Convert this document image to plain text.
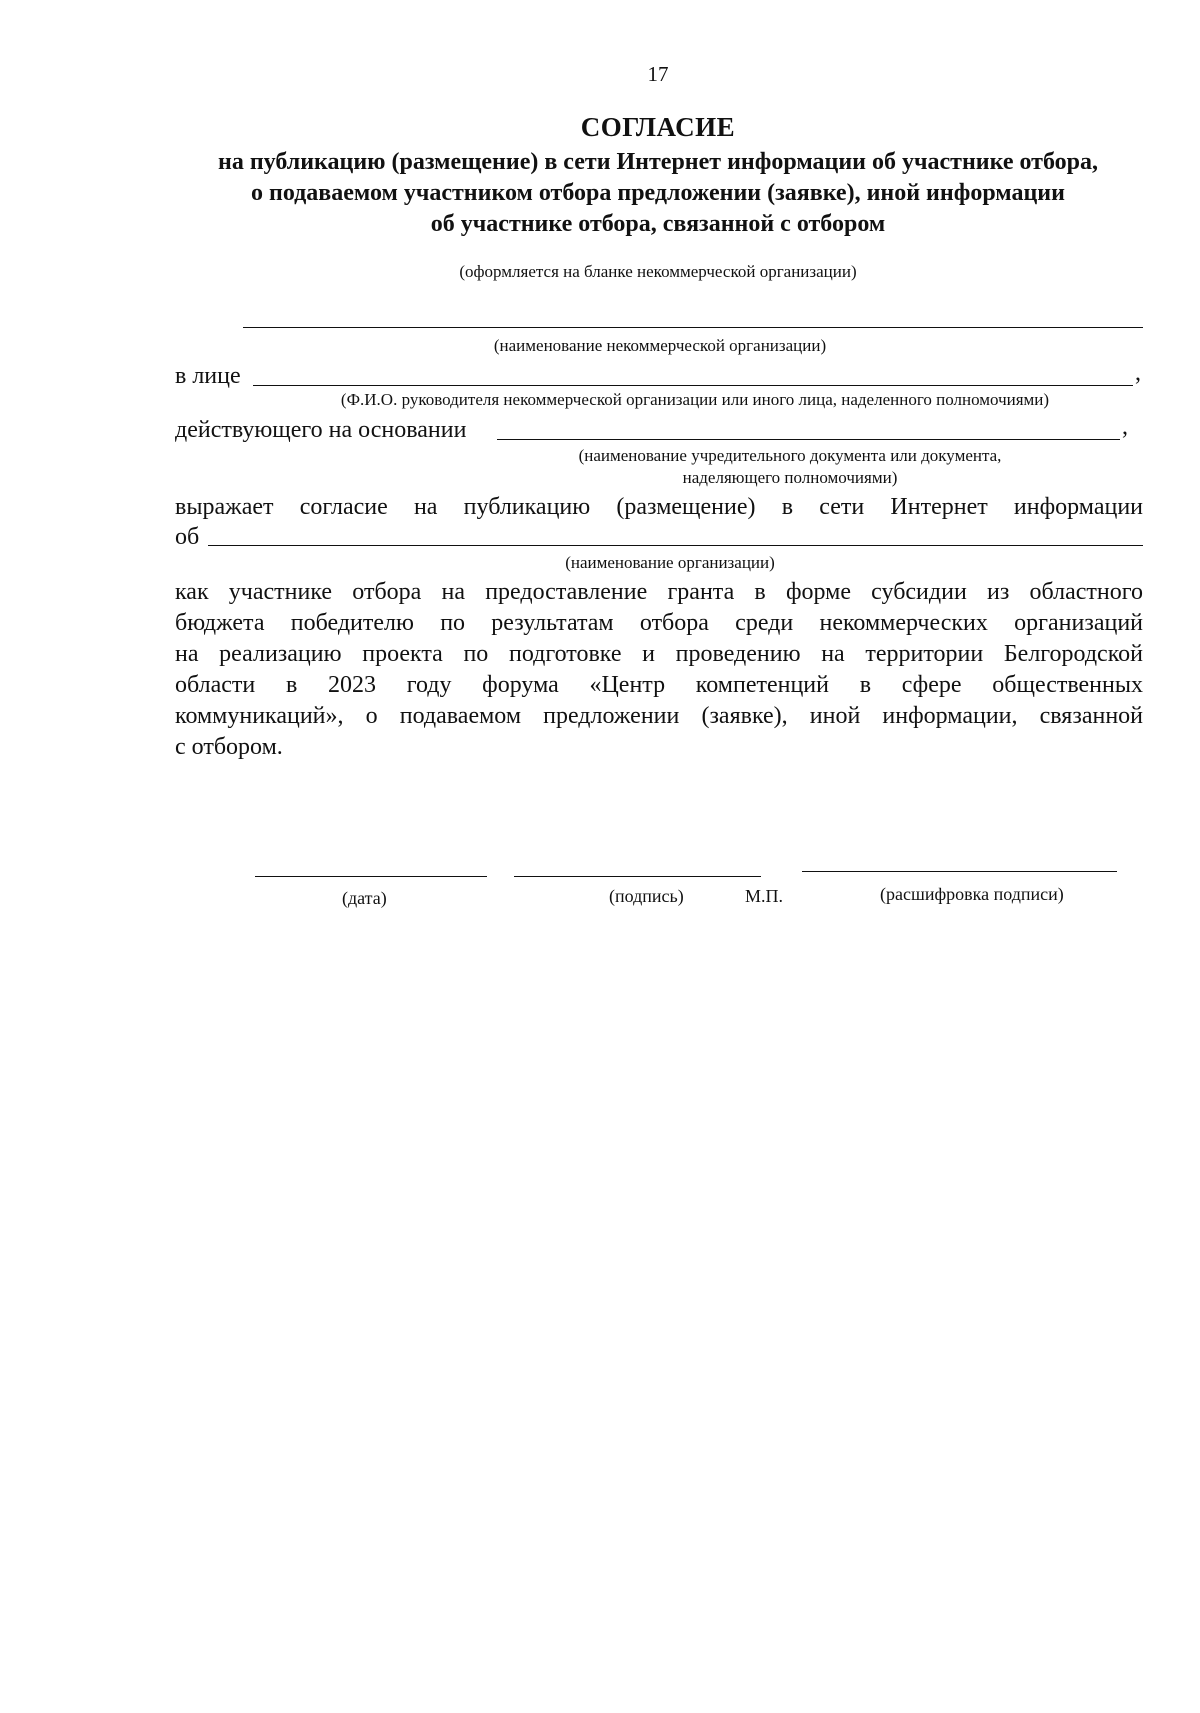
17
СОГЛАСИЕ
на публикацию (размещение) в сети Интернет информации об участнике отбора,
о подаваемом участником отбора предложении (заявке), иной информации
об участнике отбора, связанной с отбором
(оформляется на бланке некоммерческой организации)
(наименование некоммерческой организации)
в лице	,
(Ф.И.О. руководителя некоммерческой организации или иного лица, наделенного полномочиями)
действующего на основании	,
(наименование учредительного документа или документа,
наделяющего полномочиями)
выражает согласие на публикацию (размещение) в сети Интернет информации
об
(наименование организации)
как участнике отбора на предоставление гранта в форме субсидии из областного
бюджета победителю по результатам отбора среди некоммерческих организаций
на реализацию проекта по подготовке и проведению на территории Белгородской
области в 2023 году форума «Центр компетенций в сфере общественных
коммуникаций», о подаваемом предложении (заявке), иной информации, связанной
с отбором.
(дата)	(подпись)	М.П.	(расшифровка подписи)
